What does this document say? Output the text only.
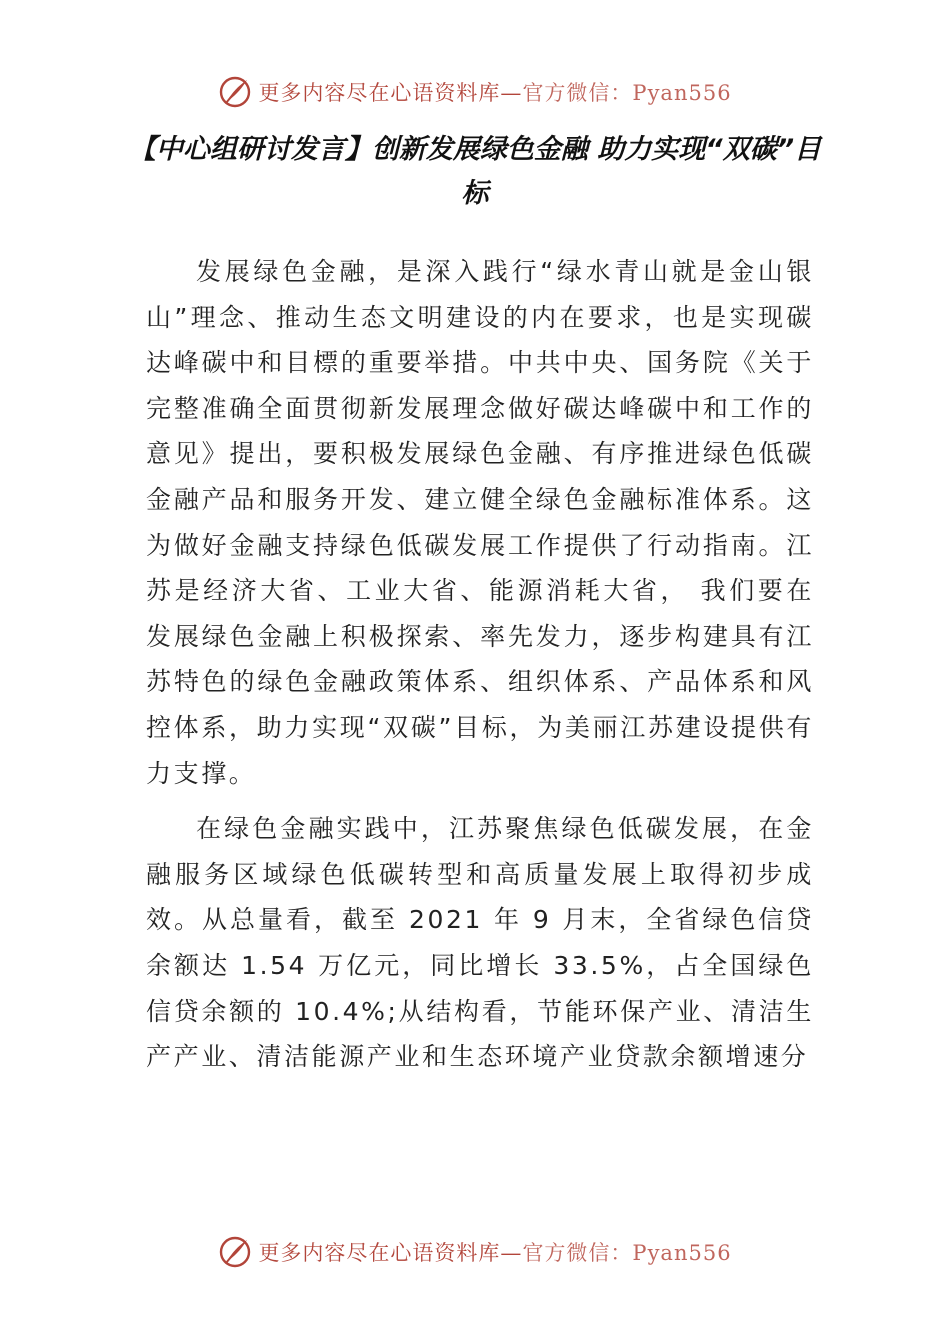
更多内容尽在心语资料库—官方微信：Pyan556
【中心组研讨发言】创新发展绿色金融 助力实现“双碳”目标

发展绿色金融，是深入践行“绿水青山就是金山银山”理念、推动生态文明建设的内在要求，也是实现碳达峰碳中和目標的重要举措。中共中央、国务院《关于完整准确全面贯彻新发展理念做好碳达峰碳中和工作的意见》提出，要积极发展绿色金融、有序推进绿色低碳金融产品和服务开发、建立健全绿色金融标准体系。这为做好金融支持绿色低碳发展工作提供了行动指南。江苏是经济大省、工业大省、能源消耗大省， 我们要在发展绿色金融上积极探索、率先发力，逐步构建具有江苏特色的绿色金融政策体系、组织体系、产品体系和风控体系，助力实现“双碳”目标，为美丽江苏建设提供有力支撑。

在绿色金融实践中，江苏聚焦绿色低碳发展，在金融服务区域绿色低碳转型和高质量发展上取得初步成效。从总量看，截至 2021 年 9 月末，全省绿色信贷余额达 1.54 万亿元，同比增长 33.5%，占全国绿色信贷余额的 10.4%;从结构看，节能环保产业、清洁生产产业、清洁能源产业和生态环境产业贷款余额增速分

更多内容尽在心语资料库—官方微信：Pyan556
